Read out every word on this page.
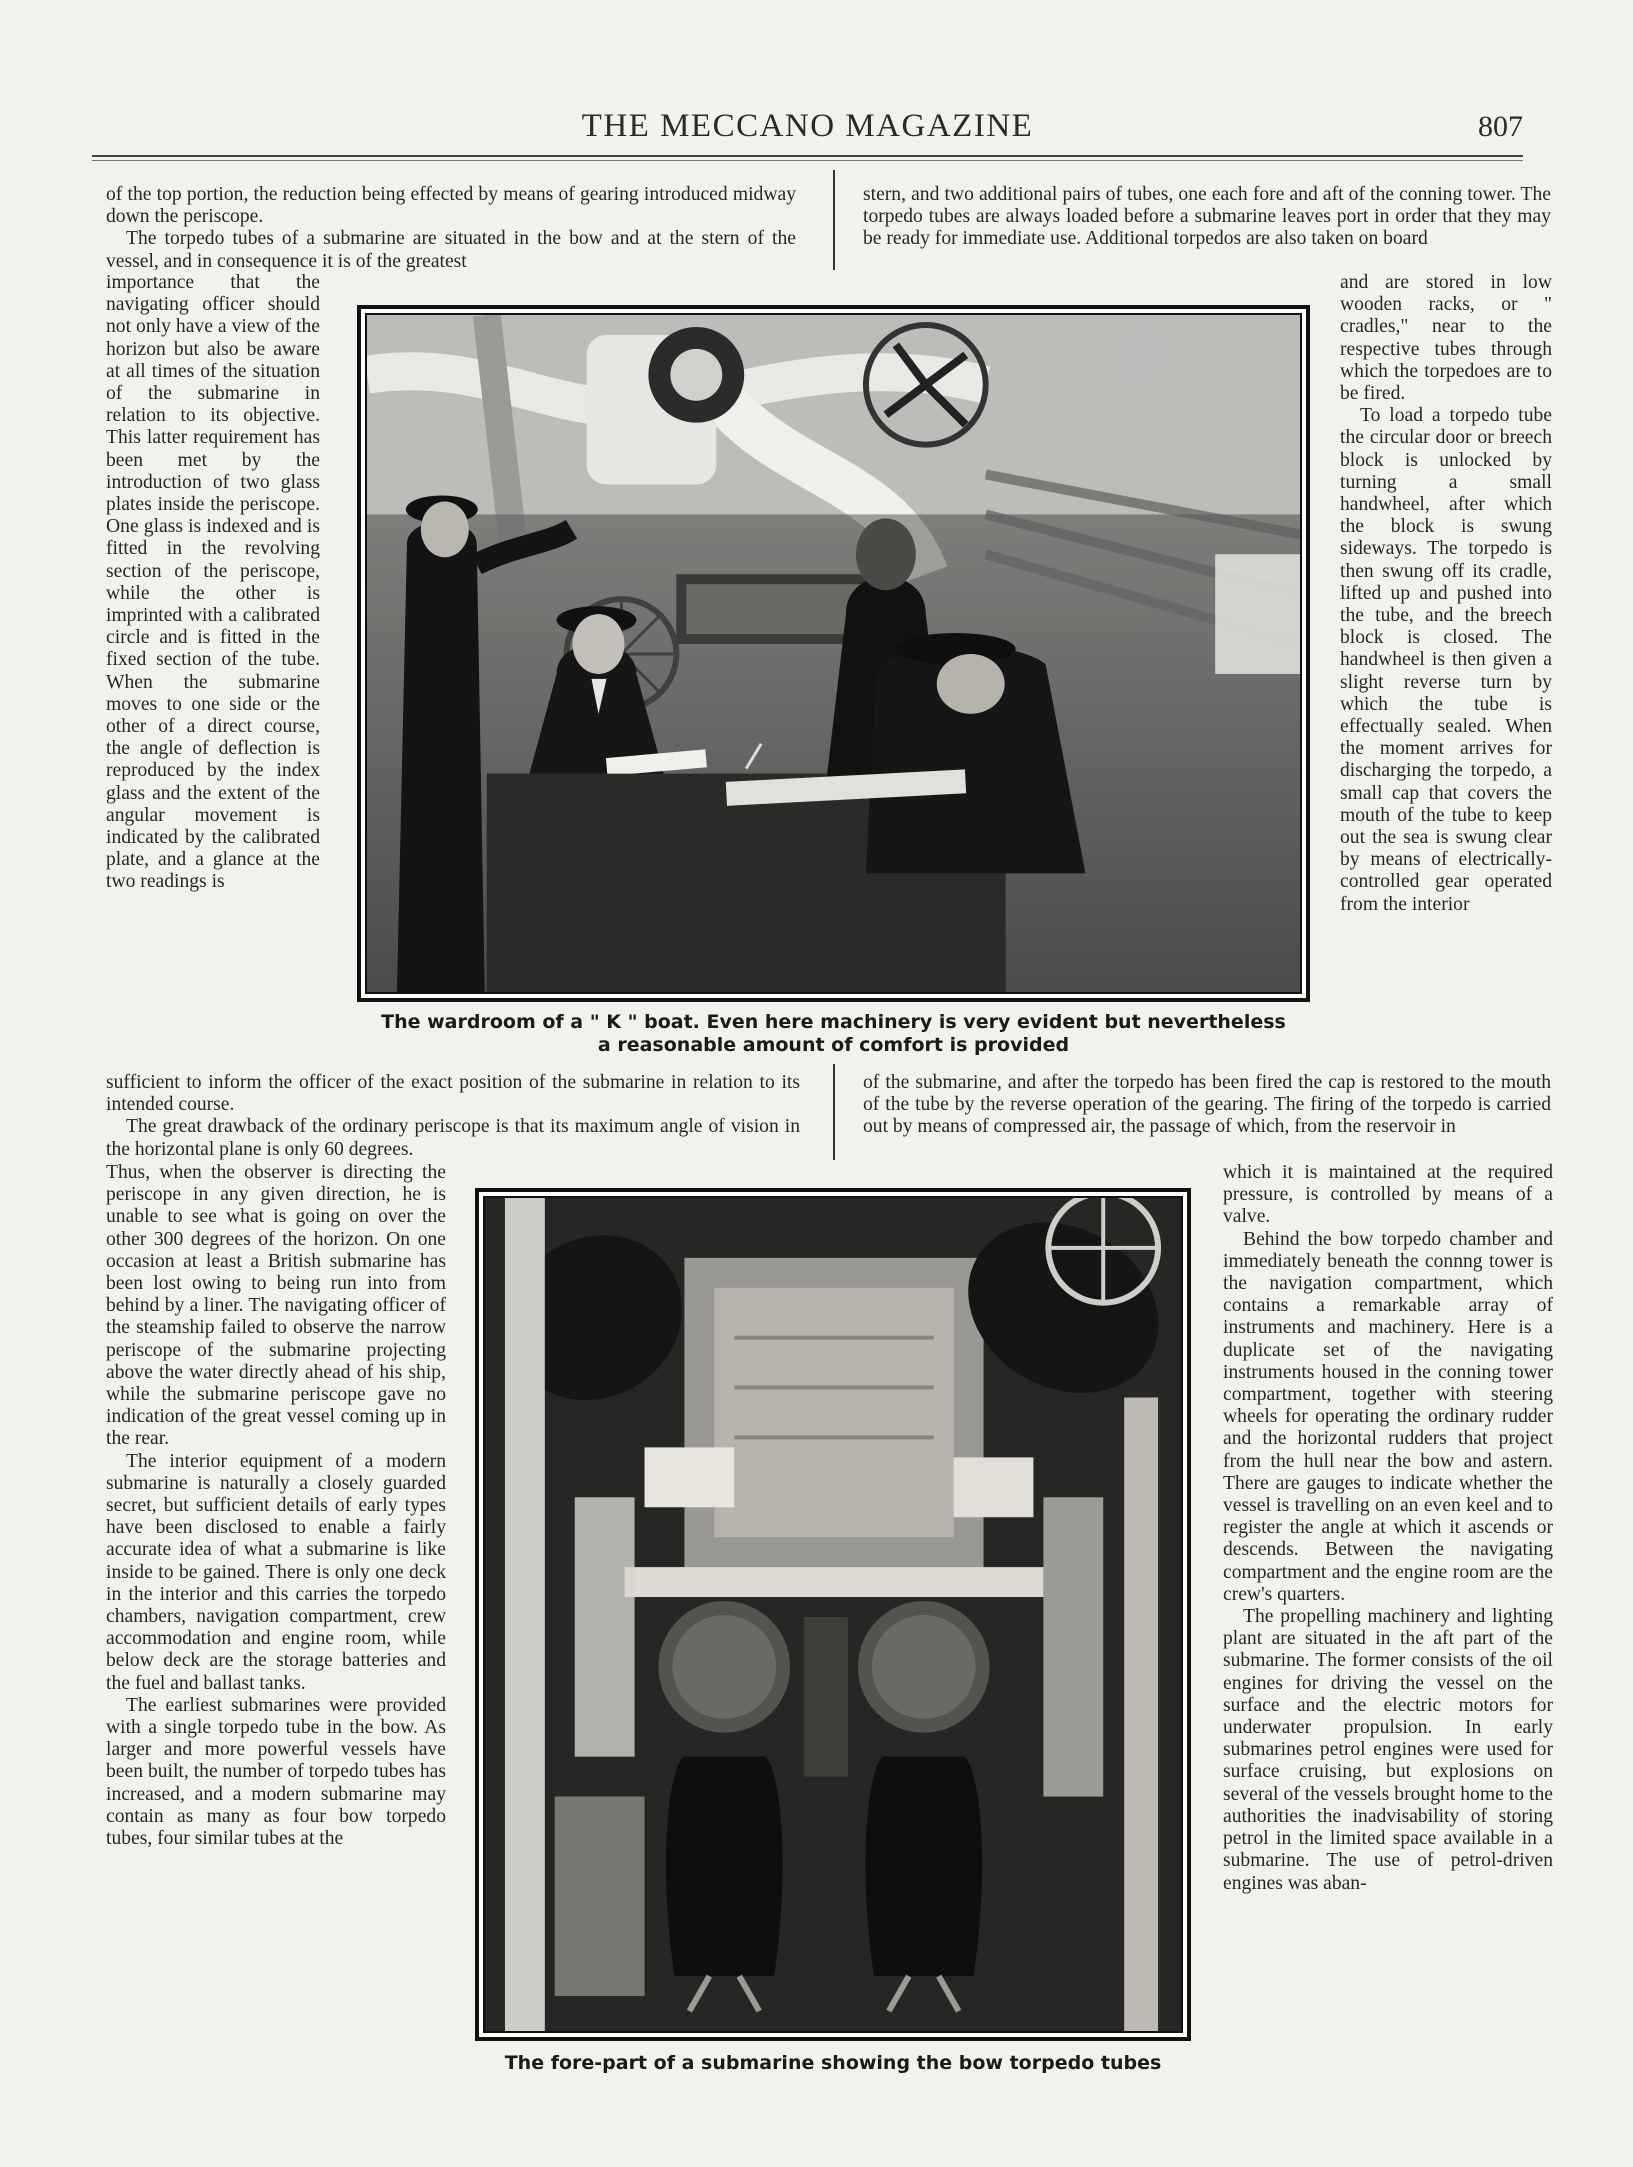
THE MECCANO MAGAZINE	807

of the top portion, the reduction being effected by means of gearing introduced midway down the periscope.

The torpedo tubes of a submarine are situated in the bow and at the stern of the vessel, and in consequence it is of the greatest

stern, and two additional pairs of tubes, one each fore and aft of the conning tower. The torpedo tubes are always loaded before a submarine leaves port in order that they may be ready for immediate use. Additional torpedos are also taken on board

importance that the navigating officer should not only have a view of the horizon but also be aware at all times of the situation of the submarine in relation to its objective. This latter requirement has been met by the introduction of two glass plates inside the periscope. One glass is indexed and is fitted in the revolving section of the periscope, while the other is imprinted with a calibrated circle and is fitted in the fixed section of the tube. When the submarine moves to one side or the other of a direct course, the angle of deflection is reproduced by the index glass and the extent of the angular movement is indicated by the calibrated plate, and a glance at the two readings is

and are stored in low wooden racks, or " cradles," near to the respective tubes through which the torpedoes are to be fired.

To load a torpedo tube the circular door or breech block is unlocked by turning a small handwheel, after which the block is swung sideways. The torpedo is then swung off its cradle, lifted up and pushed into the tube, and the breech block is closed. The handwheel is then given a slight reverse turn by which the tube is effectually sealed. When the moment arrives for discharging the torpedo, a small cap that covers the mouth of the tube to keep out the sea is swung clear by means of electrically-controlled gear operated from the interior

The wardroom of a " K " boat. Even here machinery is very evident but nevertheless
a reasonable amount of comfort is provided

sufficient to inform the officer of the exact position of the submarine in relation to its intended course.

The great drawback of the ordinary periscope is that its maximum angle of vision in the horizontal plane is only 60 degrees.

of the submarine, and after the torpedo has been fired the cap is restored to the mouth of the tube by the reverse operation of the gearing. The firing of the torpedo is carried out by means of compressed air, the passage of which, from the reservoir in

Thus, when the observer is directing the periscope in any given direction, he is unable to see what is going on over the other 300 degrees of the horizon. On one occasion at least a British submarine has been lost owing to being run into from behind by a liner. The navigating officer of the steamship failed to observe the narrow periscope of the submarine projecting above the water directly ahead of his ship, while the submarine periscope gave no indication of the great vessel coming up in the rear.

The interior equipment of a modern submarine is naturally a closely guarded secret, but sufficient details of early types have been disclosed to enable a fairly accurate idea of what a submarine is like inside to be gained. There is only one deck in the interior and this carries the torpedo chambers, navigation compartment, crew accommodation and engine room, while below deck are the storage batteries and the fuel and ballast tanks.

The earliest submarines were provided with a single torpedo tube in the bow. As larger and more powerful vessels have been built, the number of torpedo tubes has increased, and a modern submarine may contain as many as four bow torpedo tubes, four similar tubes at the

which it is maintained at the required pressure, is controlled by means of a valve.

Behind the bow torpedo chamber and immediately beneath the connng tower is the navigation compartment, which contains a remarkable array of instruments and machinery. Here is a duplicate set of the navigating instruments housed in the conning tower compartment, together with steering wheels for operating the ordinary rudder and the horizontal rudders that project from the hull near the bow and astern. There are gauges to indicate whether the vessel is travelling on an even keel and to register the angle at which it ascends or descends. Between the navigating compartment and the engine room are the crew's quarters.

The propelling machinery and lighting plant are situated in the aft part of the submarine. The former consists of the oil engines for driving the vessel on the surface and the electric motors for underwater propulsion. In early submarines petrol engines were used for surface cruising, but explosions on several of the vessels brought home to the authorities the inadvisability of storing petrol in the limited space available in a submarine. The use of petrol-driven engines was aban-

The fore-part of a submarine showing the bow torpedo tubes
